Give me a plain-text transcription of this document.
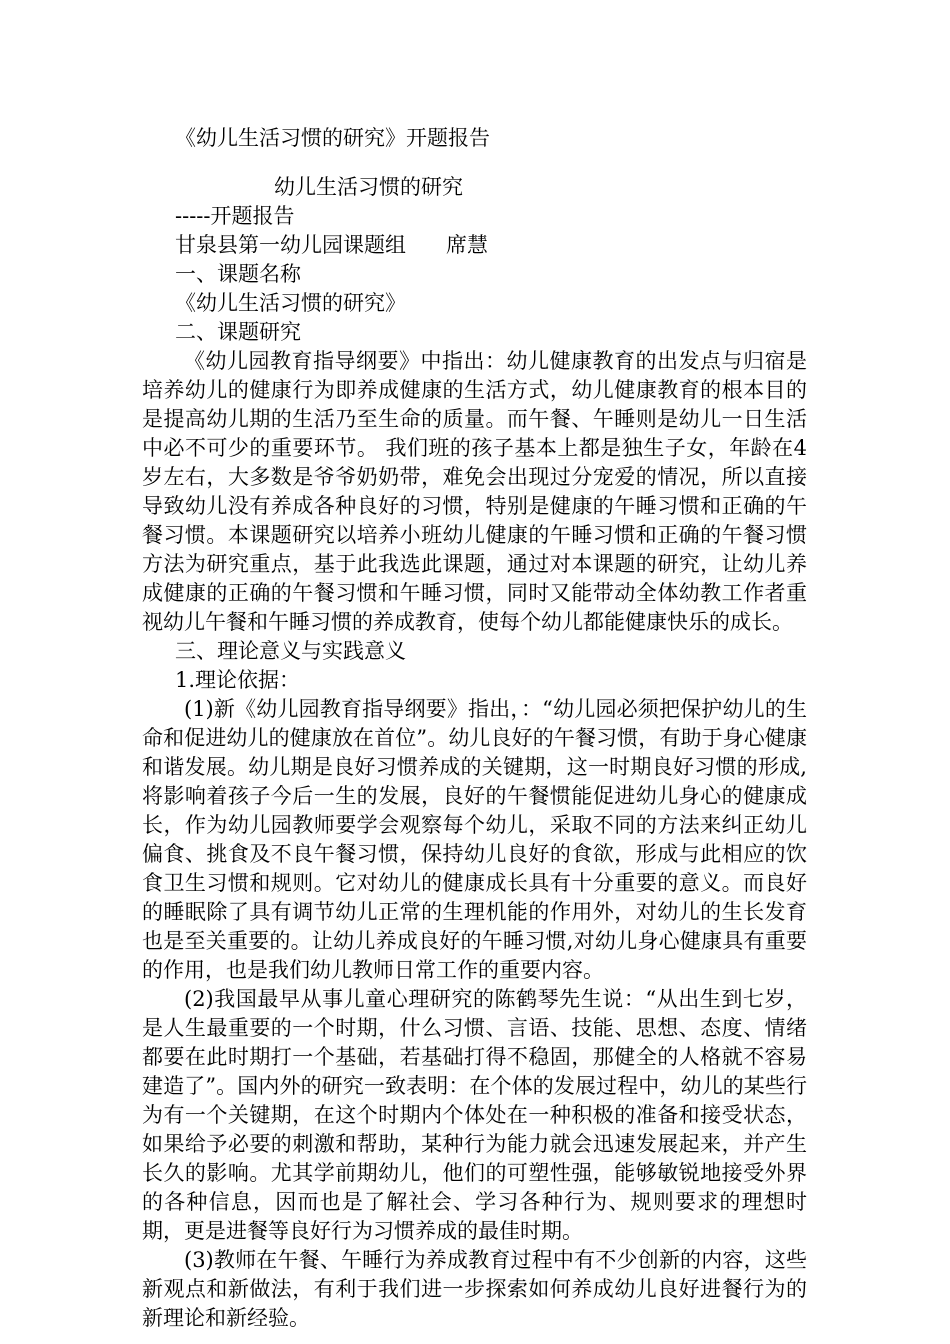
《幼儿生活习惯的研究》开题报告

幼儿生活习惯的研究

-----开题报告

甘泉县第一幼儿园课题组 席慧

一、课题名称

《幼儿生活习惯的研究》

二、课题研究

《幼儿园教育指导纲要》中指出：幼儿健康教育的出发点与归宿是培养幼儿的健康行为即养成健康的生活方式，幼儿健康教育的根本目的是提高幼儿期的生活乃至生命的质量。而午餐、午睡则是幼儿一日生活中必不可少的重要环节。 我们班的孩子基本上都是独生子女，年龄在4岁左右，大多数是爷爷奶奶带，难免会出现过分宠爱的情况，所以直接导致幼儿没有养成各种良好的习惯，特别是健康的午睡习惯和正确的午餐习惯。本课题研究以培养小班幼儿健康的午睡习惯和正确的午餐习惯方法为研究重点，基于此我选此课题，通过对本课题的研究，让幼儿养成健康的正确的午餐习惯和午睡习惯，同时又能带动全体幼教工作者重视幼儿午餐和午睡习惯的养成教育，使每个幼儿都能健康快乐的成长。

三、理论意义与实践意义

1.理论依据：

(1)新《幼儿园教育指导纲要》指出，：“幼儿园必须把保护幼儿的生命和促进幼儿的健康放在首位”。幼儿良好的午餐习惯，有助于身心健康和谐发展。幼儿期是良好习惯养成的关键期，这一时期良好习惯的形成,将影响着孩子今后一生的发展，良好的午餐惯能促进幼儿身心的健康成长，作为幼儿园教师要学会观察每个幼儿，采取不同的方法来纠正幼儿偏食、挑食及不良午餐习惯，保持幼儿良好的食欲，形成与此相应的饮食卫生习惯和规则。它对幼儿的健康成长具有十分重要的意义。而良好的睡眠除了具有调节幼儿正常的生理机能的作用外，对幼儿的生长发育也是至关重要的。让幼儿养成良好的午睡习惯,对幼儿身心健康具有重要的作用，也是我们幼儿教师日常工作的重要内容。

(2)我国最早从事儿童心理研究的陈鹤琴先生说：“从出生到七岁，是人生最重要的一个时期，什么习惯、言语、技能、思想、态度、情绪都要在此时期打一个基础，若基础打得不稳固，那健全的人格就不容易建造了”。国内外的研究一致表明：在个体的发展过程中，幼儿的某些行为有一个关键期，在这个时期内个体处在一种积极的准备和接受状态，如果给予必要的刺激和帮助，某种行为能力就会迅速发展起来，并产生长久的影响。尤其学前期幼儿，他们的可塑性强，能够敏锐地接受外界的各种信息，因而也是了解社会、学习各种行为、规则要求的理想时期，更是进餐等良好行为习惯养成的最佳时期。

(3)教师在午餐、午睡行为养成教育过程中有不少创新的内容，这些新观点和新做法，有利于我们进一步探索如何养成幼儿良好进餐行为的新理论和新经验。
